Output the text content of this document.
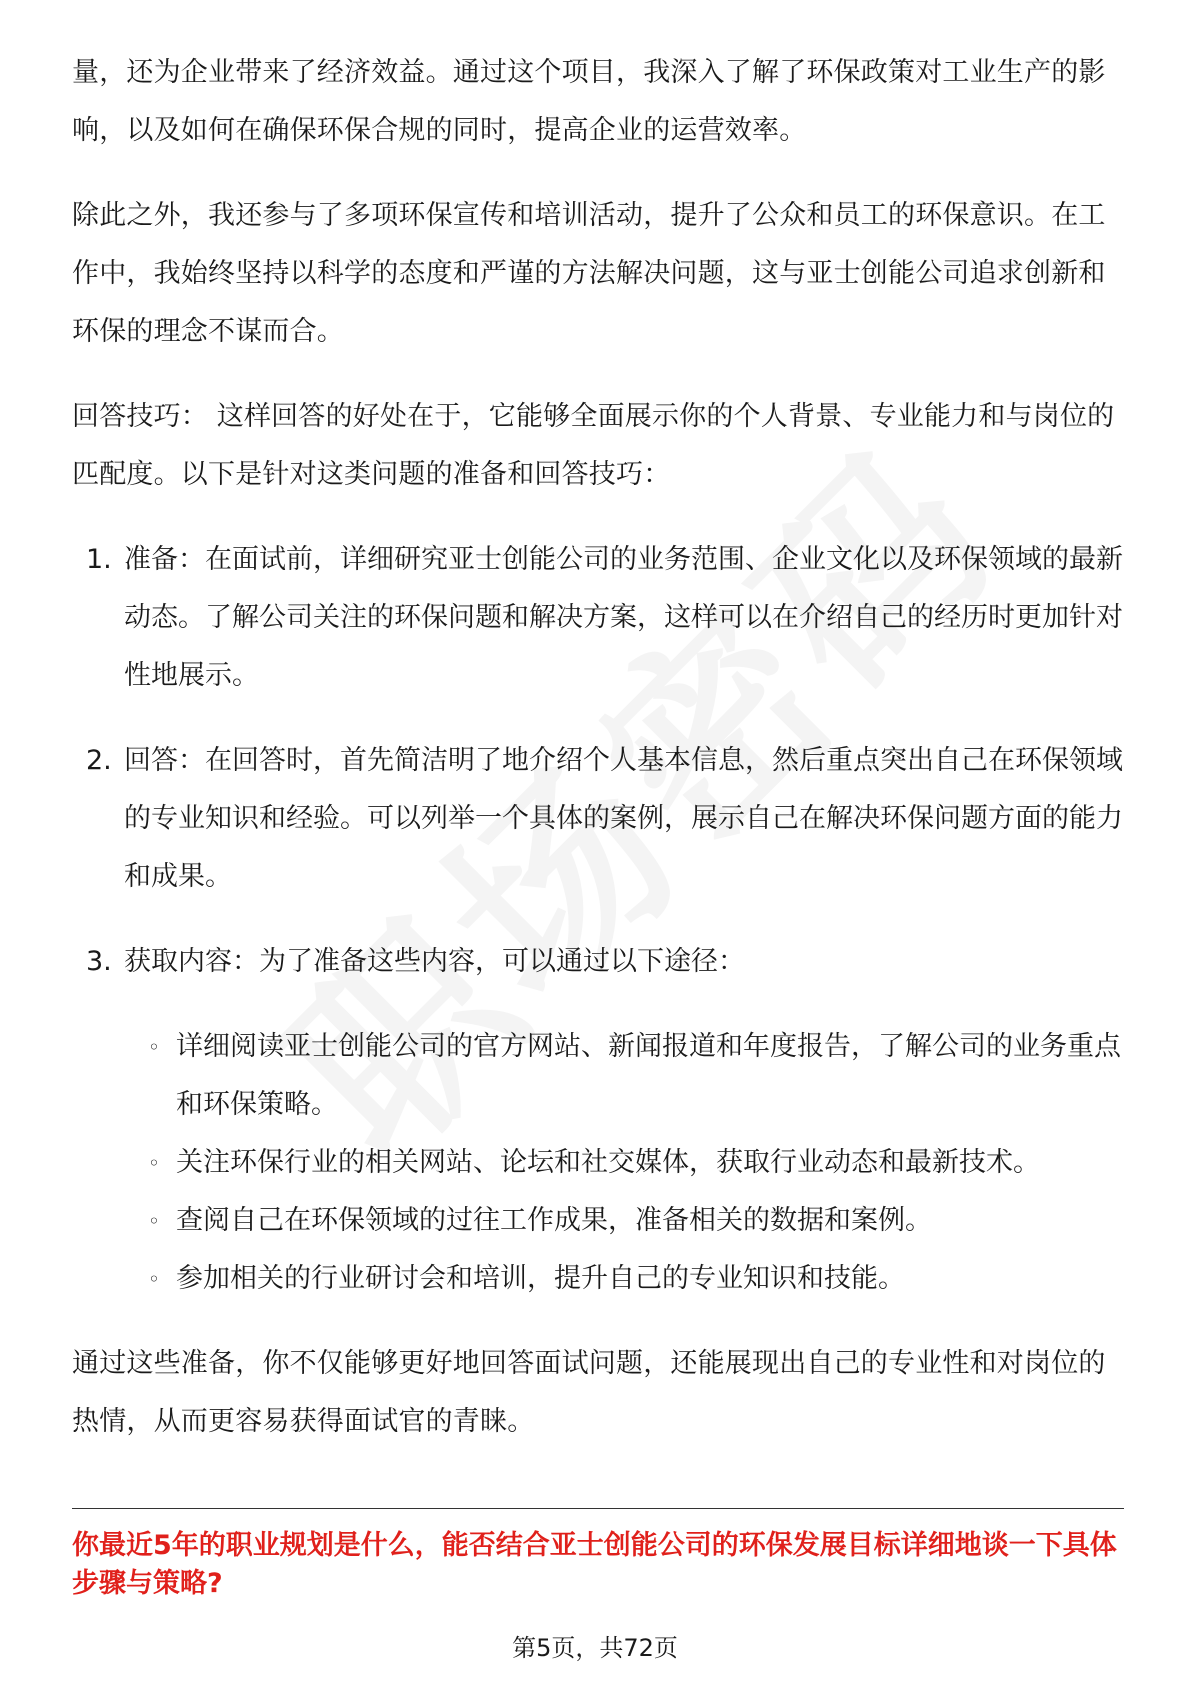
量，还为企业带来了经济效益。通过这个项目，我深入了解了环保政策对工业生产的影响，以及如何在确保环保合规的同时，提高企业的运营效率。

除此之外，我还参与了多项环保宣传和培训活动，提升了公众和员工的环保意识。在工作中，我始终坚持以科学的态度和严谨的方法解决问题，这与亚士创能公司追求创新和环保的理念不谋而合。

回答技巧： 这样回答的好处在于，它能够全面展示你的个人背景、专业能力和与岗位的匹配度。以下是针对这类问题的准备和回答技巧：

1. 准备：在面试前，详细研究亚士创能公司的业务范围、企业文化以及环保领域的最新动态。了解公司关注的环保问题和解决方案，这样可以在介绍自己的经历时更加针对性地展示。
2. 回答：在回答时，首先简洁明了地介绍个人基本信息，然后重点突出自己在环保领域的专业知识和经验。可以列举一个具体的案例，展示自己在解决环保问题方面的能力和成果。
3. 获取内容：为了准备这些内容，可以通过以下途径：
◦ 详细阅读亚士创能公司的官方网站、新闻报道和年度报告，了解公司的业务重点和环保策略。
◦ 关注环保行业的相关网站、论坛和社交媒体，获取行业动态和最新技术。
◦ 查阅自己在环保领域的过往工作成果，准备相关的数据和案例。
◦ 参加相关的行业研讨会和培训，提升自己的专业知识和技能。

通过这些准备，你不仅能够更好地回答面试问题，还能展现出自己的专业性和对岗位的热情，从而更容易获得面试官的青睐。

你最近5年的职业规划是什么，能否结合亚士创能公司的环保发展目标详细地谈一下具体步骤与策略?
第5页，共72页
